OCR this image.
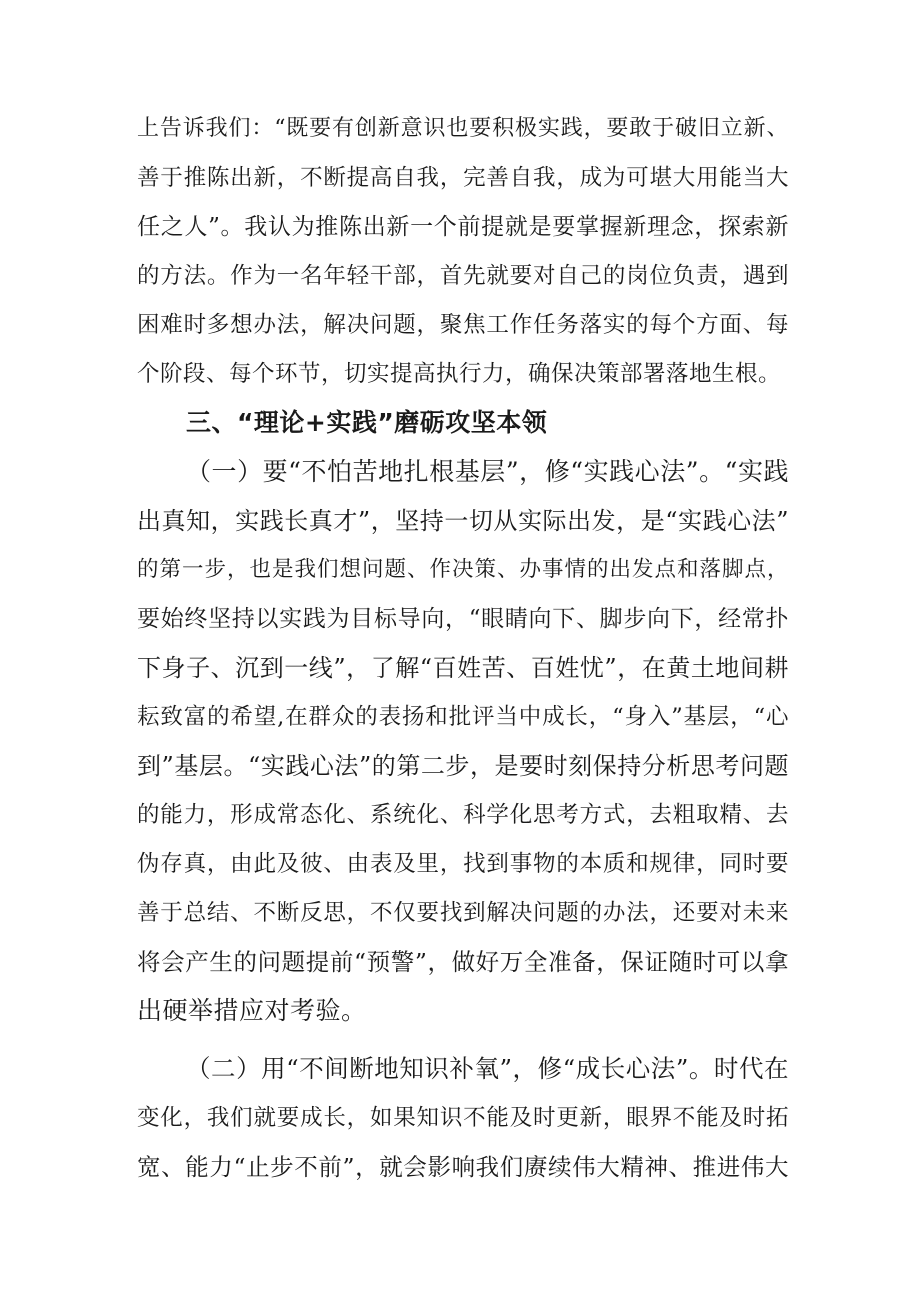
上告诉我们：“既要有创新意识也要积极实践，要敢于破旧立新、
善于推陈出新，不断提高自我，完善自我，成为可堪大用能当大
任之人”。我认为推陈出新一个前提就是要掌握新理念，探索新
的方法。作为一名年轻干部，首先就要对自己的岗位负责，遇到
困难时多想办法，解决问题，聚焦工作任务落实的每个方面、每
个阶段、每个环节，切实提高执行力，确保决策部署落地生根。
三、“理论+实践”磨砺攻坚本领
（一）要“不怕苦地扎根基层”，修“实践心法”。“实践
出真知，实践长真才”，坚持一切从实际出发，是“实践心法”
的第一步，也是我们想问题、作决策、办事情的出发点和落脚点，
要始终坚持以实践为目标导向，“眼睛向下、脚步向下，经常扑
下身子、沉到一线”，了解“百姓苦、百姓忧”，在黄土地间耕
耘致富的希望,在群众的表扬和批评当中成长，“身入”基层，“心
到”基层。“实践心法”的第二步，是要时刻保持分析思考问题
的能力，形成常态化、系统化、科学化思考方式，去粗取精、去
伪存真，由此及彼、由表及里，找到事物的本质和规律，同时要
善于总结、不断反思，不仅要找到解决问题的办法，还要对未来
将会产生的问题提前“预警”，做好万全准备，保证随时可以拿
出硬举措应对考验。
（二）用“不间断地知识补氧”，修“成长心法”。时代在
变化，我们就要成长，如果知识不能及时更新，眼界不能及时拓
宽、能力“止步不前”，就会影响我们赓续伟大精神、推进伟大
